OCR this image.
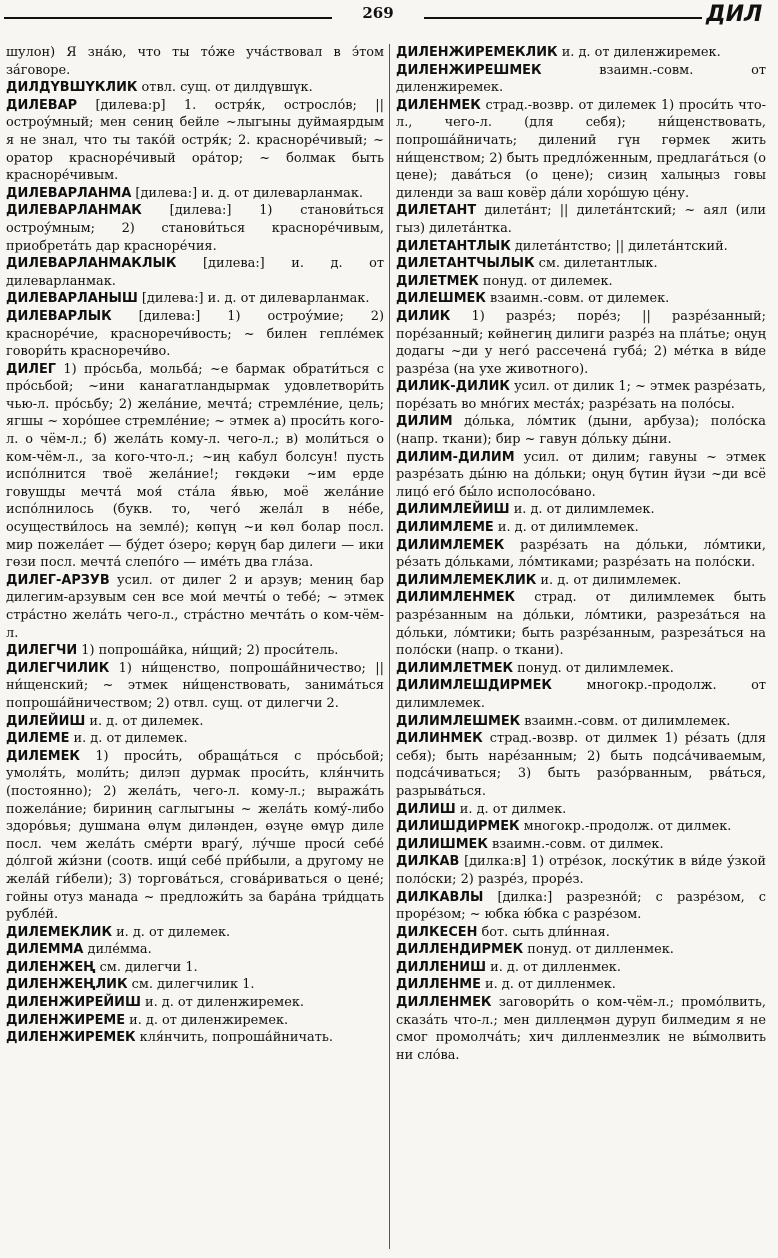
269	ДИЛ

шулон) Я зна́ю, что ты то́же уча́ствовал в э́том за́говоре.

ДИЛДҮВШҮКЛИК отвл. сущ. от дилдүвшүк.

ДИЛЕВАР [дилева:р] 1. остря́к, остросло́в; || остроу́мный; мен сениң бейле ~лыгыны дуймаярдым я не знал, что ты тако́й остря́к; 2. красноре́чивый; ~ оратор красноре́чивый ора́тор; ~ болмак быть красноре́чивым.

ДИЛЕВАРЛАНМА [дилева:] и. д. от дилеварланмак.

ДИЛЕВАРЛАНМАК [дилева:] 1) станови́ться остроу́мным; 2) станови́ться красноре́чивым, приобрета́ть дар красноре́чия.

ДИЛЕВАРЛАНМАКЛЫК [дилева:] и. д. от дилеварланмак.

ДИЛЕВАРЛАНЫШ [дилева:] и. д. от дилеварланмак.

ДИЛЕВАРЛЫК [дилева:] 1) остроу́мие; 2) красноре́чие, красноречи́вость; ~ билен гепле́мек говори́ть красноречи́во.

ДИЛЕГ 1) про́сьба, мольба́; ~е бармак обрати́ться с про́сьбой; ~ини канагатландырмак удовлетвори́ть чью-л. про́сьбу; 2) жела́ние, мечта́; стремле́ние, цель; ягшы ~ хоро́шее стремле́ние; ~ этмек а) проси́ть кого-л. о чём-л.; б) жела́ть кому-л. чего-л.; в) моли́ться о ком-чём-л., за кого-что-л.; ~иң кабул болсун! пусть испо́лнится твоё жела́ние!; гөкдәки ~им ерде говушды мечта́ моя́ ста́ла я́вью, моё жела́ние испо́лнилось (букв. то, чего́ жела́л в не́бе, осуществи́лось на земле́); көпүң ~и көл болар посл. мир пожела́ет — бу́дет о́зеро; көрүң бар дилеги — ики гөзи посл. мечта́ слепо́го — име́ть два гла́за.

ДИЛЕГ-АРЗУВ усил. от дилег 2 и арзув; мениң бар дилегим-арзувым сен все мои́ мечты́ о тебе́; ~ этмек стра́стно жела́ть чего-л., стра́стно мечта́ть о ком-чём-л.

ДИЛЕГЧИ 1) попроша́йка, ни́щий; 2) проси́тель.

ДИЛЕГЧИЛИК 1) ни́щенство, попроша́йничество; || ни́щенский; ~ этмек ни́щенствовать, занима́ться попроша́йничеством; 2) отвл. сущ. от дилегчи 2.

ДИЛЕЙИШ и. д. от дилемек.

ДИЛЕМЕ и. д. от дилемек.

ДИЛЕМЕК 1) проси́ть, обраща́ться с про́сьбой; умоля́ть, моли́ть; дилэп дурмак проси́ть, кля́нчить (постоянно); 2) жела́ть, чего-л. кому-л.; выража́ть пожела́ние; бириниң саглыгыны ~ жела́ть кому́-либо здоро́вья; душмана өлүм диләнден, өзүңе өмүр диле посл. чем жела́ть сме́рти врагу́, лу́чше проси́ себе́ до́лгой жи́зни (соотв. ищи́ себе́ при́были, а другому не жела́й ги́бели); 3) торгова́ться, сгова́риваться о цене́; гойны отуз манада ~ предложи́ть за бара́на три́дцать рубле́й.

ДИЛЕМЕКЛИК и. д. от дилемек.

ДИЛЕММА диле́мма.

ДИЛЕНЖЕҢ см. дилегчи 1.

ДИЛЕНЖЕҢЛИК см. дилегчилик 1.

ДИЛЕНЖИРЕЙИШ и. д. от диленжиремек.

ДИЛЕНЖИРЕМЕ и. д. от диленжиремек.

ДИЛЕНЖИРЕМЕК кля́нчить, попроша́йничать.

ДИЛЕНЖИРЕМЕКЛИК и. д. от диленжиремек.

ДИЛЕНЖИРЕШМЕК взаимн.-совм. от диленжиремек.

ДИЛЕНМЕК страд.-возвр. от дилемек 1) проси́ть что-л., чего-л. (для себя); ни́щенствовать, попроша́йничать; дилениӣ гүн гөрмек жить ни́щенством; 2) быть предло́женным, предлага́ться (о цене); дава́ться (о цене); сизиң халыңыз говы диленди за ваш ковёр да́ли хоро́шую це́ну.

ДИЛЕТАНТ дилета́нт; || дилета́нтский; ~ аял (или гыз) дилета́нтка.

ДИЛЕТАНТЛЫК дилета́нтство; || дилета́нтский.

ДИЛЕТАНТЧЫЛЫК см. дилетантлык.

ДИЛЕТМЕК понуд. от дилемек.

ДИЛЕШМЕК взаимн.-совм. от дилемек.

ДИЛИК 1) разре́з; поре́з; || разре́занный; поре́занный; көйнегиң дилиги разре́з на пла́тье; оңуң додагы ~ди у него́ рассечена́ губа́; 2) ме́тка в ви́де разре́за (на ухе животного).

ДИЛИК-ДИЛИК усил. от дилик 1; ~ этмек разре́зать, поре́зать во мно́гих места́х; разре́зать на поло́сы.

ДИЛИМ до́лька, ло́мтик (дыни, арбуза); поло́ска (напр. ткани); бир ~ гавун до́льку ды́ни.

ДИЛИМ-ДИЛИМ усил. от дилим; гавуны ~ этмек разре́зать ды́ню на до́льки; оңуң бүтин йүзи ~ди всё лицо́ его́ бы́ло исполосо́вано.

ДИЛИМЛЕЙИШ и. д. от дилимлемек.

ДИЛИМЛЕМЕ и. д. от дилимлемек.

ДИЛИМЛЕМЕК разре́зать на до́льки, ло́мтики, ре́зать до́льками, ло́мтиками; разре́зать на поло́ски.

ДИЛИМЛЕМЕКЛИК и. д. от дилимлемек.

ДИЛИМЛЕНМЕК страд. от дилимлемек быть разре́занным на до́льки, ло́мтики, разреза́ться на до́льки, ло́мтики; быть разре́занным, разреза́ться на поло́ски (напр. о ткани).

ДИЛИМЛЕТМЕК понуд. от дилимлемек.

ДИЛИМЛЕШДИРМЕК многокр.-продолж. от дилимлемек.

ДИЛИМЛЕШМЕК взаимн.-совм. от дилимлемек.

ДИЛИНМЕК страд.-возвр. от дилмек 1) ре́зать (для себя); быть наре́занным; 2) быть подса́чиваемым, подса́чиваться; 3) быть разо́рванным, рва́ться, разрыва́ться.

ДИЛИШ и. д. от дилмек.

ДИЛИШДИРМЕК многокр.-продолж. от дилмек.

ДИЛИШМЕК взаимн.-совм. от дилмек.

ДИЛКАВ [дилка:в] 1) отре́зок, лоску́тик в ви́де у́зкой поло́ски; 2) разре́з, проре́з.

ДИЛКАВЛЫ [дилка:] разрезно́й; с разре́зом, с проре́зом; ~ юбка ю́бка с разре́зом.

ДИЛКЕСЕН бот. сыть дли́нная.

ДИЛЛЕНДИРМЕК понуд. от дилленмек.

ДИЛЛЕНИШ и. д. от дилленмек.

ДИЛЛЕНМЕ и. д. от дилленмек.

ДИЛЛЕНМЕК заговори́ть о ком-чём-л.; промо́лвить, сказа́ть что-л.; мен диллеңмән дуруп билмедим я не смог промолча́ть; хич дилленмезлик не вы́молвить ни сло́ва.
